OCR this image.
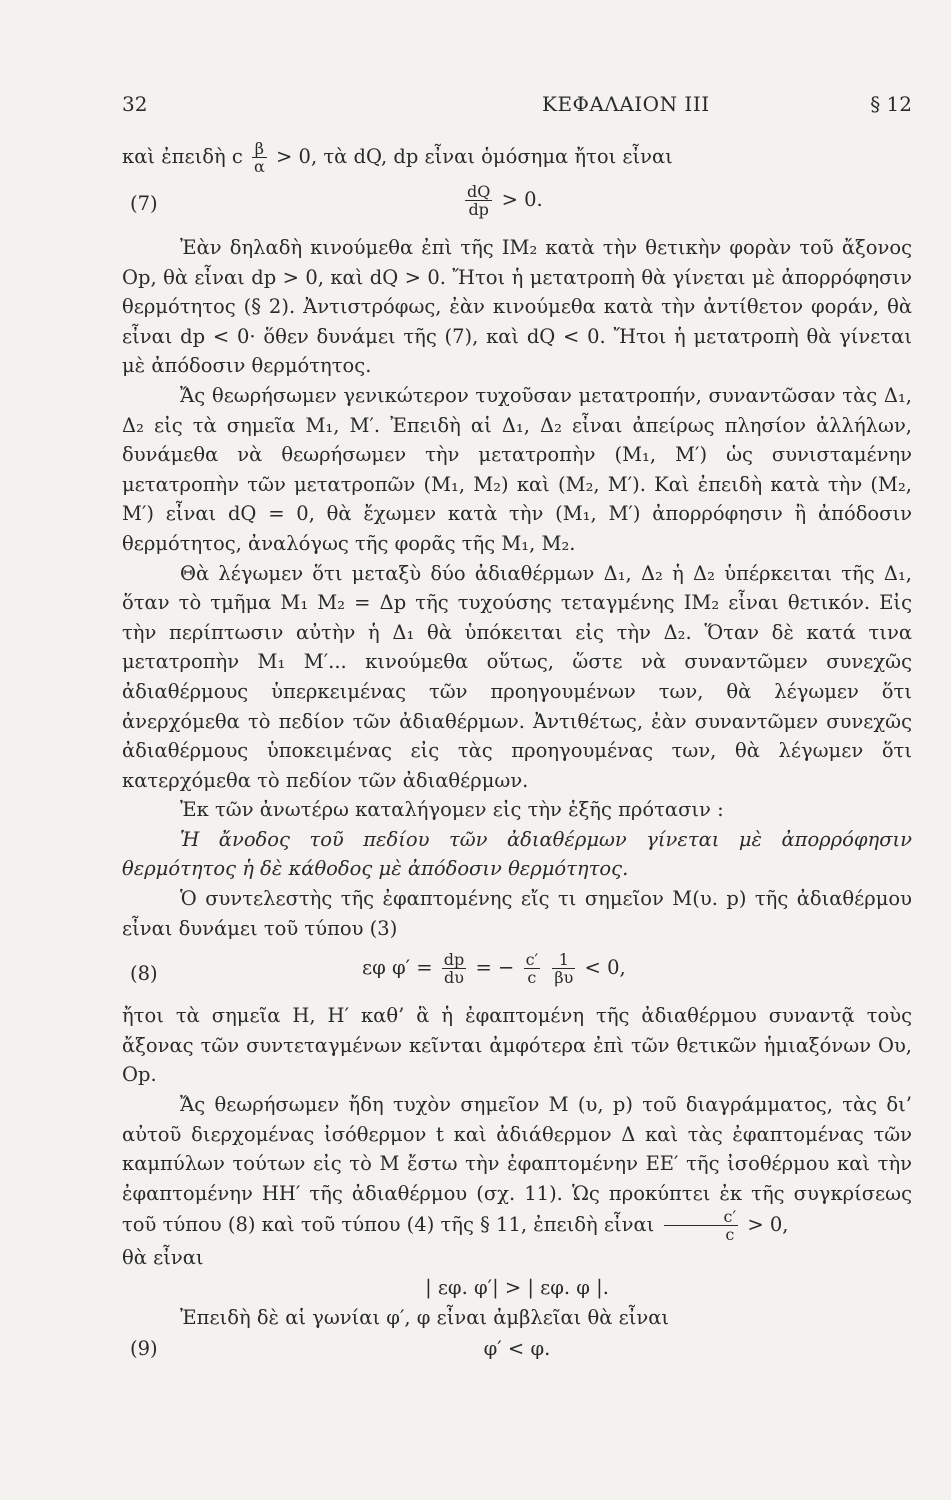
32	ΚΕΦΑΛΑΙΟΝ III	§ 12

καὶ ἐπειδὴ c $\frac{\beta}{\alpha} > 0$, τὰ dQ, dp εἶναι ὁμόσημα ἤτοι εἶναι

(7)	$\frac{dQ}{dp} > 0$.

Ἐὰν δηλαδὴ κινούμεθα ἐπὶ τῆς IM₂ κατὰ τὴν θετικὴν φορὰν τοῦ ἄξονος Op, θὰ εἶναι dp > 0, καὶ dQ > 0. Ἤτοι ἡ μετατροπὴ θὰ γίνεται μὲ ἀπορρόφησιν θερμότητος (§ 2). Ἀντιστρόφως, ἐὰν κινούμεθα κατὰ τὴν ἀντίθετον φοράν, θὰ εἶναι dp < 0· ὅθεν δυνάμει τῆς (7), καὶ dQ < 0. Ἤτοι ἡ μετατροπὴ θὰ γίνεται μὲ ἀπόδοσιν θερμότητος.

Ἄς θεωρήσωμεν γενικώτερον τυχοῦσαν μετατροπήν, συναντῶσαν τὰς Δ₁, Δ₂ εἰς τὰ σημεῖα M₁, M′. Ἐπειδὴ αἱ Δ₁, Δ₂ εἶναι ἀπείρως πλησίον ἀλλήλων, δυνάμεθα νὰ θεωρήσωμεν τὴν μετατροπὴν (M₁, M′) ὡς συνισταμένην μετατροπὴν τῶν μετατροπῶν (M₁, M₂) καὶ (M₂, M′). Καὶ ἐπειδὴ κατὰ τὴν (M₂, M′) εἶναι dQ = 0, θὰ ἔχωμεν κατὰ τὴν (M₁, M′) ἀπορρόφησιν ἢ ἀπόδοσιν θερμότητος, ἀναλόγως τῆς φορᾶς τῆς M₁, M₂.

Θὰ λέγωμεν ὅτι μεταξὺ δύο ἀδιαθέρμων Δ₁, Δ₂ ἡ Δ₂ ὑπέρκειται τῆς Δ₁, ὅταν τὸ τμῆμα M₁ M₂ = Δp τῆς τυχούσης τεταγμένης IM₂ εἶναι θετικόν. Εἰς τὴν περίπτωσιν αὐτὴν ἡ Δ₁ θὰ ὑπόκειται εἰς τὴν Δ₂. Ὅταν δὲ κατά τινα μετατροπὴν M₁ M′... κινούμεθα οὕτως, ὥστε νὰ συναντῶμεν συνεχῶς ἀδιαθέρμους ὑπερκειμένας τῶν προηγουμένων των, θὰ λέγωμεν ὅτι ἀνερχόμεθα τὸ πεδίον τῶν ἀδιαθέρμων. Ἀντιθέτως, ἐὰν συναντῶμεν συνεχῶς ἀδιαθέρμους ὑποκειμένας εἰς τὰς προηγουμένας των, θὰ λέγωμεν ὅτι κατερχόμεθα τὸ πεδίον τῶν ἀδιαθέρμων.

Ἐκ τῶν ἀνωτέρω καταλήγομεν εἰς τὴν ἑξῆς πρότασιν :

Ἡ ἄνοδος τοῦ πεδίου τῶν ἀδιαθέρμων γίνεται μὲ ἀπορρόφησιν θερμότητος ἡ δὲ κάθοδος μὲ ἀπόδοσιν θερμότητος.

Ὁ συντελεστὴς τῆς ἐφαπτομένης εἴς τι σημεῖον M(υ. p) τῆς ἀδιαθέρμου εἶναι δυνάμει τοῦ τύπου (3)

(8)	εφ $\varphi' = \frac{dp}{d\upsilon}$ = − $\frac{c'}{c}$
$\frac{1}{\beta\upsilon} < 0$,

ἤτοι τὰ σημεῖα H, H′ καθ’ ἃ ἡ ἐφαπτομένη τῆς ἀδιαθέρμου συναντᾷ τοὺς ἄξονας τῶν συντεταγμένων κεῖνται ἀμφότερα ἐπὶ τῶν θετικῶν ἡμιαξόνων Oυ, Op.

Ἄς θεωρήσωμεν ἤδη τυχὸν σημεῖον M (υ, p) τοῦ διαγράμματος, τὰς δι’ αὐτοῦ διερχομένας ἰσόθερμον t καὶ ἀδιάθερμον Δ καὶ τὰς ἐφαπτομένας τῶν καμπύλων τούτων εἰς τὸ M ἔστω τὴν ἐφαπτομένην EE′ τῆς ἰσοθέρμου καὶ τὴν ἐφαπτομένην HH′ τῆς ἀδιαθέρμου (σχ. 11). Ὡς προκύπτει ἐκ τῆς συγκρίσεως τοῦ τύπου (8) καὶ τοῦ τύπου (4) τῆς § 11, ἐπειδὴ εἶναι $\frac{c'}{c} > 0$,

θὰ εἶναι

| εφ. φ′| > | εφ. φ |.

Ἐπειδὴ δὲ αἱ γωνίαι φ′, φ εἶναι ἀμβλεῖαι θὰ εἶναι

(9)	φ′ < φ.
